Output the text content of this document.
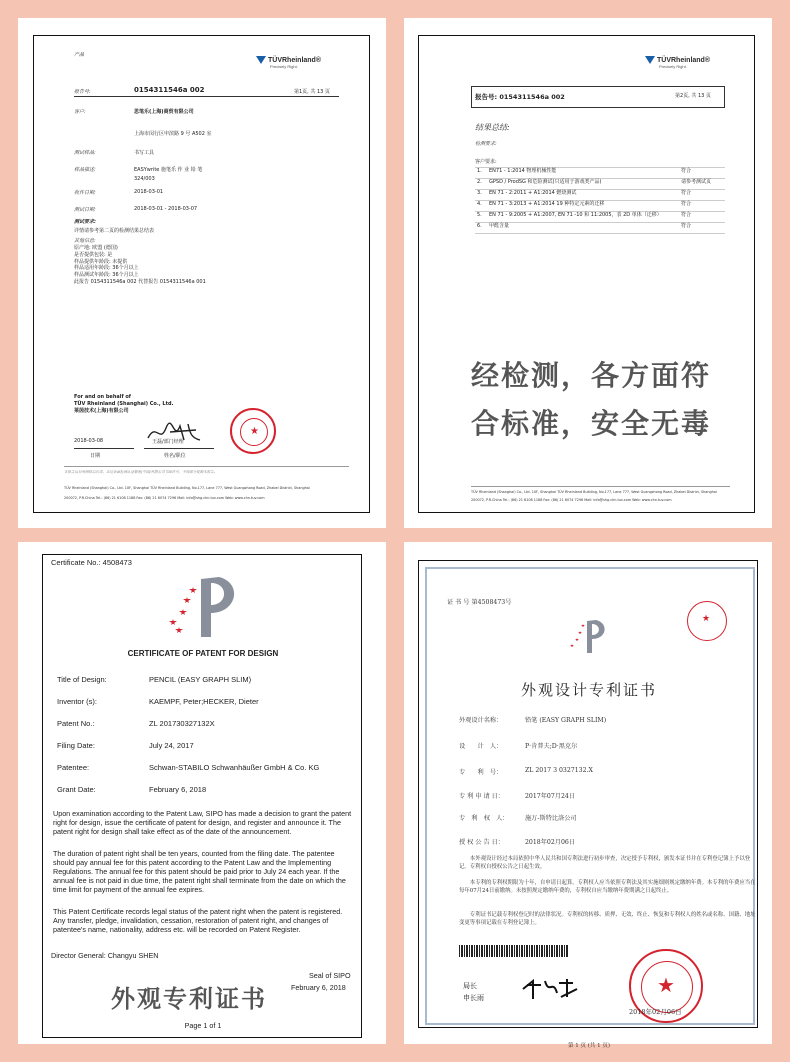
产品
TÜVRheinland®
Precisely Right.
报告号:	0154311546a 002	第1页, 共 13 页
客户:	思笔乐(上海)商贸有限公司
上海市闵行区申滨路 9 号 A502 室
测试样品:	书写工具
样品描述:	EASYwrite 施笔乐 作 业 铅 笔
324/003
收件日期:	2018-03-01
测试日期:	2018-03-01 - 2018-03-07
测试要求:
详情请参考第二页的检测结果总结表
其他信息:
原产地: 欧盟 (德国)
是否提供包装: 是
样品提供年龄段: 未提供
样品适用年龄段: 36个月以上
样品测试年龄段: 36个月以上
此报告 0154311546a 002 代替报告 0154311546a 001
For and on behalf of
TÜV Rheinland (Shanghai) Co., Ltd.
莱茵技术(上海)有限公司
2018-03-08	王磊/部门经理
日期	姓名/职位
★
本报告仅对所测样品负责。未经莱茵检测认证服务(中国)有限公司书面许可，不得部分复制本报告。
TÜV Rheinland (Shanghai) Co., Ltd. 10F, Shanghai TÜV Rheinland Building, No.177, Lane 777, West Guangzhong Road, Zhabei District, Shanghai
200072, P.R.China Tel.: (86) 21 6108 1188 Fax: (86) 21 6074 7296 Mail: info@shg.chn.tuv.com Web: www.chn.tuv.com
TÜVRheinland®
Precisely Right.
报告号: 0154311546a 002	第2页, 共 13 页
结果总结:
检测要求:
客户要求:
1. EN71 - 1:2014 物理机械性能	符合
2. GPSD / ProdSG 和危险测试(只适用于游戏类产品)	请参考测试页
3. EN 71 - 2:2011 + A1:2014 燃烧测试	符合
4. EN 71 - 3:2013 + A1:2014 19 种特定元素的迁移	符合
5. EN 71 - 9:2005 + A1:2007, EN 71 -10 和 11:2005，表 2D 单体（迁移）	符合
6. 甲醛含量	符合
经检测，各方面符
合标准，安全无毒
TÜV Rheinland (Shanghai) Co., Ltd. 10F, Shanghai TÜV Rheinland Building, No.177, Lane 777, West Guangzhong Road, Zhabei District, Shanghai
200072, P.R.China Tel.: (86) 21 6108 1188 Fax: (86) 21 6074 7296 Mail: info@shg.chn.tuv.com Web: www.chn.tuv.com
Certificate No.: 4508473
CERTIFICATE OF PATENT FOR DESIGN
Title of Design:	PENCIL (EASY GRAPH SLIM)
Inventor (s):	KAEMPF, Peter;HECKER, Dieter
Patent No.:	ZL 201730327132X
Filing Date:	July 24, 2017
Patentee:	Schwan-STABILO Schwanhäußer GmbH & Co. KG
Grant Date:	February 6, 2018
Upon examination according to the Patent Law, SIPO has made a decision to grant the patent right for design, issue the certificate of patent for design, and register and announce it. The patent right for design shall take effect as of the date of the announcement.
The duration of patent right shall be ten years, counted from the filing date. The patentee should pay annual fee for this patent according to the Patent Law and the Implementing Regulations. The annual fee for this patent should be paid prior to July 24 each year. If the annual fee is not paid in due time, the patent right shall terminate from the date on which the time limit for payment of the annual fee expires.
This Patent Certificate records legal status of the patent right when the patent is registered. Any transfer, pledge, invalidation, cessation, restoration of patent right, and changes of patentee's name, nationality, address etc. will be recorded on Patent Register.
Director General: Changyu SHEN
Seal of SIPO
February 6, 2018
外观专利证书
Page 1 of 1
证 书 号 第4508473号
★
外观设计专利证书
外观设计名称：	铅笔 (EASY GRAPH SLIM)
设　　计　人：	P·肯普夫;D·黑克尔
专　　利　号：	ZL 2017 3 0327132.X
专 利 申 请 日：	2017年07月24日
专　利　权　人：	施万-斯特比洛公司
授 权 公 告 日：	2018年02月06日
本外观设计经过本局依照中华人民共和国专利法进行初步审查，决定授予专利权，颁发本证书并在专利登记簿上予以登记。专利权自授权公告之日起生效。
本专利的专利权期限为十年，自申请日起算。专利权人应当依照专利法及其实施细则规定缴纳年费。本专利的年费应当在每年07月24日前缴纳。未按照规定缴纳年费的，专利权自应当缴纳年费期满之日起终止。
专利证书记载专利权登记时的法律状况。专利权的转移、质押、无效、终止、恢复和专利权人的姓名或名称、国籍、地址变更等事项记载在专利登记簿上。
局长
申长雨
★
2018年02月06日
第 1 页 (共 1 页)
